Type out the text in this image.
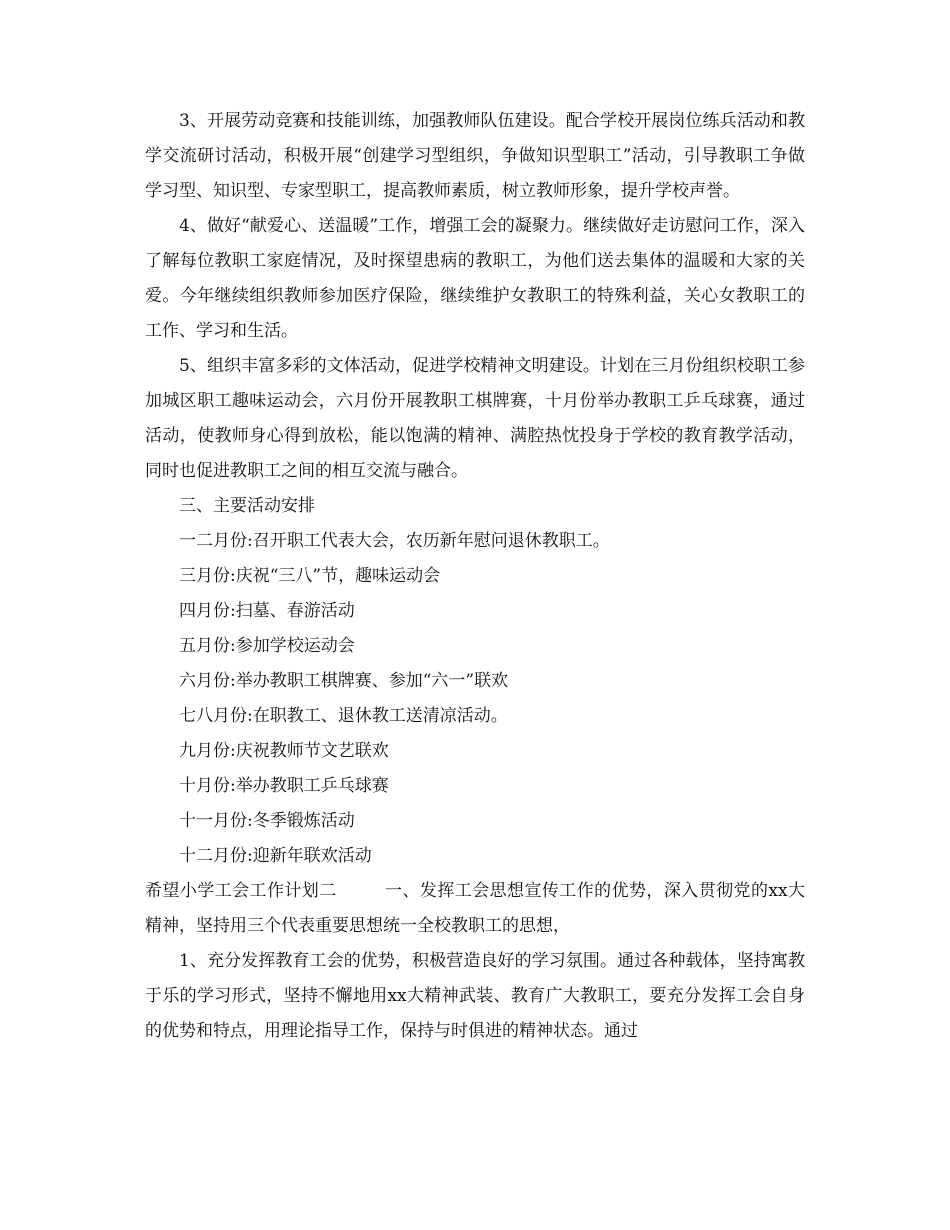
3、开展劳动竞赛和技能训练，加强教师队伍建设。配合学校开展岗位练兵活动和教学交流研讨活动，积极开展“创建学习型组织，争做知识型职工”活动，引导教职工争做学习型、知识型、专家型职工，提高教师素质，树立教师形象，提升学校声誉。

4、做好“献爱心、送温暖”工作，增强工会的凝聚力。继续做好走访慰问工作，深入了解每位教职工家庭情况，及时探望患病的教职工，为他们送去集体的温暖和大家的关爱。今年继续组织教师参加医疗保险，继续维护女教职工的特殊利益，关心女教职工的工作、学习和生活。

5、组织丰富多彩的文体活动，促进学校精神文明建设。计划在三月份组织校职工参加城区职工趣味运动会，六月份开展教职工棋牌赛，十月份举办教职工乒乓球赛，通过活动，使教师身心得到放松，能以饱满的精神、满腔热忱投身于学校的教育教学活动，同时也促进教职工之间的相互交流与融合。

三、主要活动安排

一二月份:召开职工代表大会，农历新年慰问退休教职工。

三月份:庆祝“三八”节，趣味运动会

四月份:扫墓、春游活动

五月份:参加学校运动会

六月份:举办教职工棋牌赛、参加“六一”联欢

七八月份:在职教工、退休教工送清凉活动。

九月份:庆祝教师节文艺联欢

十月份:举办教职工乒乓球赛

十一月份:冬季锻炼活动

十二月份:迎新年联欢活动

希望小学工会工作计划二	一、发挥工会思想宣传工作的优势，深入贯彻党的xx大精神，坚持用三个代表重要思想统一全校教职工的思想，

1、充分发挥教育工会的优势，积极营造良好的学习氛围。通过各种载体，坚持寓教于乐的学习形式，坚持不懈地用xx大精神武装、教育广大教职工，要充分发挥工会自身的优势和特点，用理论指导工作，保持与时俱进的精神状态。通过
